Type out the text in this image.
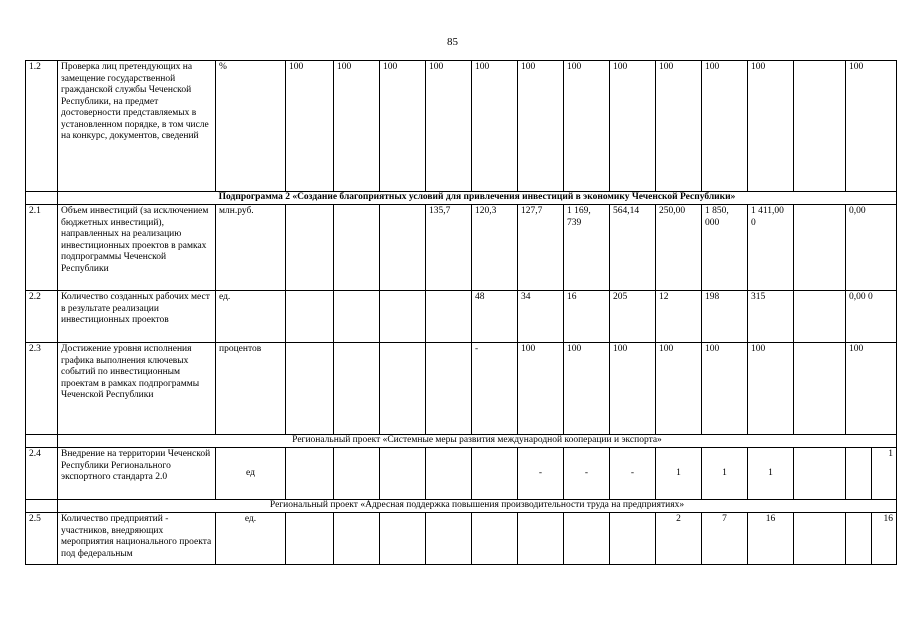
85
1.2	Проверка лиц претендующих на замещение государственной гражданской службы Чеченской Республики, на предмет достоверности представляемых в установленном порядке, в том числе на конкурс, документов, сведений	%	100	100	100	100	100	100	100	100	100	100	100		100	
	Подпрограмма 2 «Создание благоприятных условий для привлечения инвестиций в экономику Чеченской Республики»															
2.1	Объем инвестиций (за исключением бюджетных инвестиций), направленных на реализацию инвестиционных проектов в рамках подпрограммы Чеченской Республики	млн.руб.				135,7	120,3	127,7	1 169, 739	564,14	250,00	1 850, 000	1 411,00 0		0,00	
2.2	Количество созданных рабочих мест в результате реализации инвестиционных проектов	ед.					48	34	16	205	12	198	315		0,00 0	
2.3	Достижение уровня исполнения графика выполнения ключевых событий по инвестиционным проектам в рамках подпрограммы Чеченской Республики	процентов					-	100	100	100	100	100	100		100	
	Региональный проект «Системные меры развития международной кооперации и экспорта»															
2.4	Внедрение на территории Чеченской Республики Регионального экспортного стандарта 2.0	ед						-	-	-	1	1	1			1
	Региональный проект «Адресная поддержка повышения производительности труда на предприятиях»															
2.5	Количество предприятий - участников, внедряющих мероприятия национального проекта под федеральным	ед.									2	7	16			16
